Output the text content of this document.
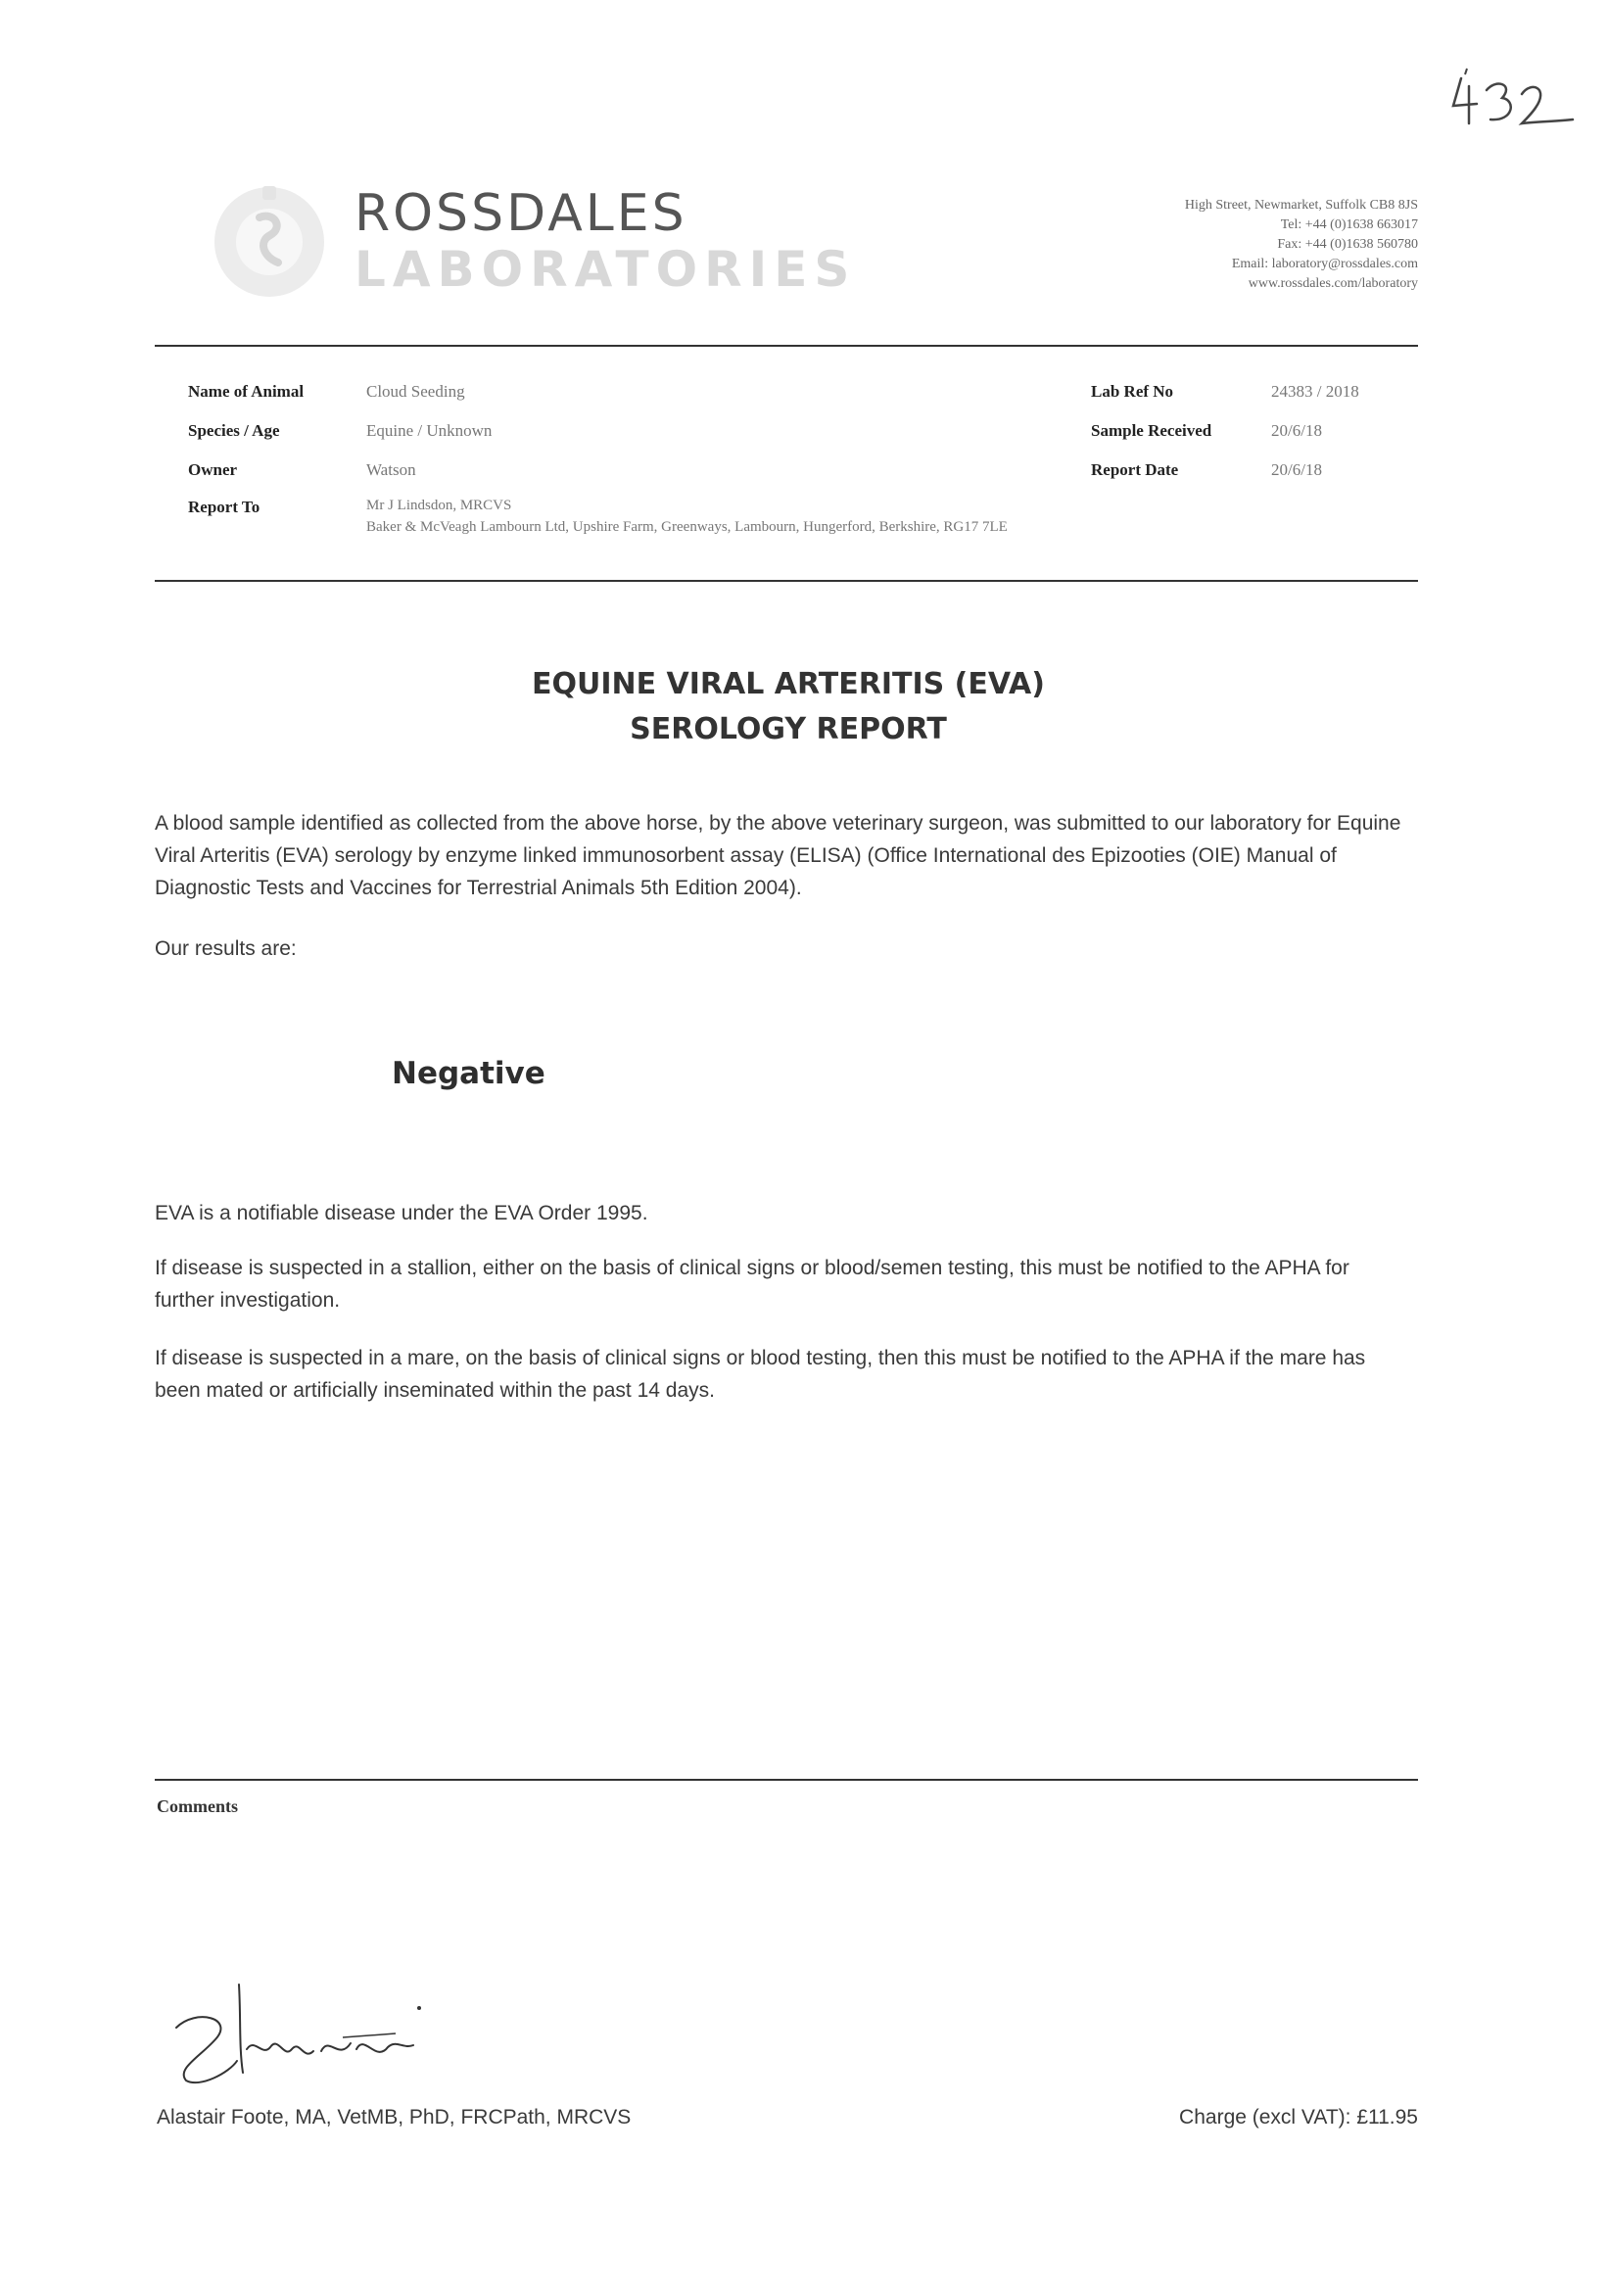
ROSSDALES
LABORATORIES
High Street, Newmarket, Suffolk CB8 8JS
Tel: +44 (0)1638 663017
Fax: +44 (0)1638 560780
Email: laboratory@rossdales.com
www.rossdales.com/laboratory
Name of Animal	Cloud Seeding
Species / Age	Equine / Unknown
Owner	Watson
Report To	Mr J Lindsdon, MRCVS
Baker & McVeagh Lambourn Ltd, Upshire Farm, Greenways, Lambourn, Hungerford, Berkshire, RG17 7LE
Lab Ref No	24383 / 2018
Sample Received	20/6/18
Report Date	20/6/18
EQUINE VIRAL ARTERITIS (EVA)
SEROLOGY REPORT
A blood sample identified as collected from the above horse, by the above veterinary surgeon, was submitted to our laboratory for Equine Viral Arteritis (EVA) serology by enzyme linked immunosorbent assay (ELISA) (Office International des Epizooties (OIE) Manual of Diagnostic Tests and Vaccines for Terrestrial Animals 5th Edition 2004).
Our results are:
Negative
EVA is a notifiable disease under the EVA Order 1995.
If disease is suspected in a stallion, either on the basis of clinical signs or blood/semen testing, this must be notified to the APHA for further investigation.
If disease is suspected in a mare, on the basis of clinical signs or blood testing, then this must be notified to the APHA if the mare has been mated or artificially inseminated within the past 14 days.
Comments
Alastair Foote, MA, VetMB, PhD, FRCPath, MRCVS	Charge (excl VAT): £11.95
